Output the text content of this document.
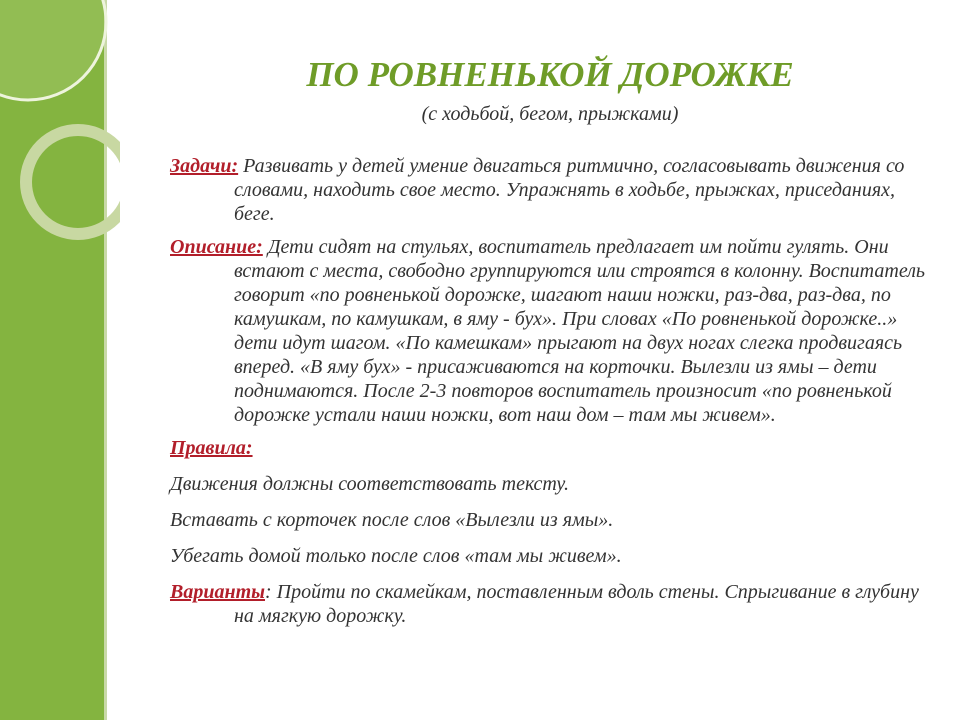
ПО РОВНЕНЬКОЙ ДОРОЖКЕ

(с ходьбой, бегом, прыжками)

Задачи: Развивать у детей умение двигаться ритмично, согласовывать движения со словами, находить свое место. Упражнять в ходьбе, прыжках, приседаниях, беге.

Описание: Дети сидят на стульях, воспитатель предлагает им пойти гулять. Они встают с места, свободно группируются или строятся в колонну. Воспитатель говорит «по ровненькой дорожке, шагают наши ножки, раз-два, раз-два, по камушкам, по камушкам, в яму - бух». При словах «По ровненькой дорожке..» дети идут шагом. «По камешкам» прыгают на двух ногах слегка продвигаясь вперед. «В яму бух» - присаживаются на корточки. Вылезли из ямы – дети поднимаются. После 2-3 повторов воспитатель произносит «по ровненькой дорожке устали наши ножки, вот наш дом – там мы живем».

Правила:

Движения должны соответствовать тексту.

Вставать с корточек после слов «Вылезли из ямы».

Убегать домой только после слов «там мы живем».

Варианты: Пройти по скамейкам, поставленным вдоль стены. Спрыгивание в глубину на мягкую дорожку.
